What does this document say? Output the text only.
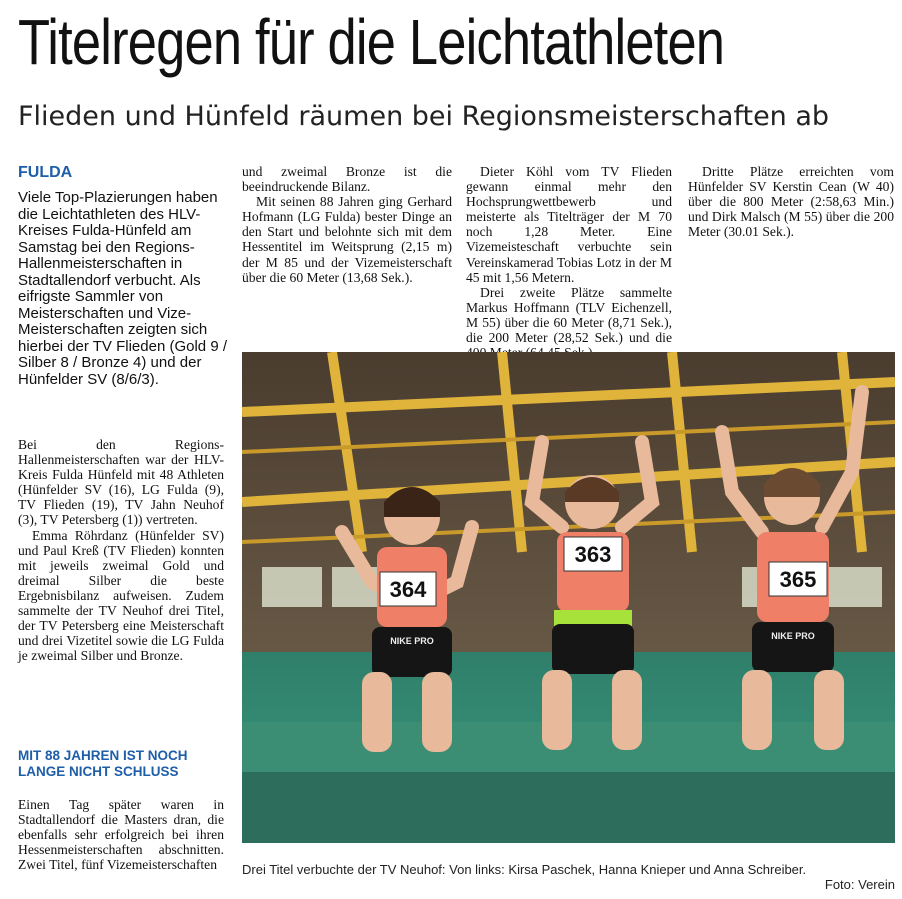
Titelregen für die Leichtathleten
Flieden und Hünfeld räumen bei Regionsmeisterschaften ab
FULDA
Viele Top-Plazierungen haben die Leichtathleten des HLV-Kreises Fulda-Hünfeld am Samstag bei den Regions-Hallenmeisterschaften in Stadtallendorf verbucht. Als eifrigste Sammler von Meisterschaften und Vize-Meisterschaften zeigten sich hierbei der TV Flieden (Gold 9 / Silber 8 / Bronze 4) und der Hünfelder SV (8/6/3).

Bei den Regions-Hallenmeisterschaften war der HLV-Kreis Fulda Hünfeld mit 48 Athleten (Hünfelder SV (16), LG Fulda (9), TV Flieden (19), TV Jahn Neuhof (3), TV Petersberg (1)) vertreten.

Emma Röhrdanz (Hünfelder SV) und Paul Kreß (TV Flieden) konnten mit jeweils zweimal Gold und dreimal Silber die beste Ergebnisbilanz aufweisen. Zudem sammelte der TV Neuhof drei Titel, der TV Petersberg eine Meisterschaft und drei Vizetitel sowie die LG Fulda je zweimal Silber und Bronze.

MIT 88 JAHREN IST NOCH LANGE NICHT SCHLUSS

Einen Tag später waren in Stadtallendorf die Masters dran, die ebenfalls sehr erfolgreich bei ihren Hessenmeisterschaften abschnitten. Zwei Titel, fünf Vizemeisterschaften

und zweimal Bronze ist die beeindruckende Bilanz.

Mit seinen 88 Jahren ging Gerhard Hofmann (LG Fulda) bester Dinge an den Start und belohnte sich mit dem Hessentitel im Weitsprung (2,15 m) der M 85 und der Vizemeisterschaft über die 60 Meter (13,68 Sek.).

Dieter Köhl vom TV Flieden gewann einmal mehr den Hochsprungwettbewerb und meisterte als Titelträger der M 70 noch 1,28 Meter. Eine Vizemeisteschaft verbuchte sein Vereinskamerad Tobias Lotz in der M 45 mit 1,56 Metern.

Drei zweite Plätze sammelte Markus Hoffmann (TLV Eichenzell, M 55) über die 60 Meter (8,71 Sek.), die 200 Meter (28,52 Sek.) und die

Dritte Plätze erreichten vom Hünfelder SV Kerstin Cean (W 40) über die 800 Meter (2:58,63 Min.) und Dirk Malsch (M 55) über die 200 Meter (30.01 Sek.).

364
363
365
NIKE PRO	NIKE PRO
Drei Titel verbuchte der TV Neuhof: Von links: Kirsa Paschek, Hanna Knieper und Anna Schreiber.
Foto: Verein
